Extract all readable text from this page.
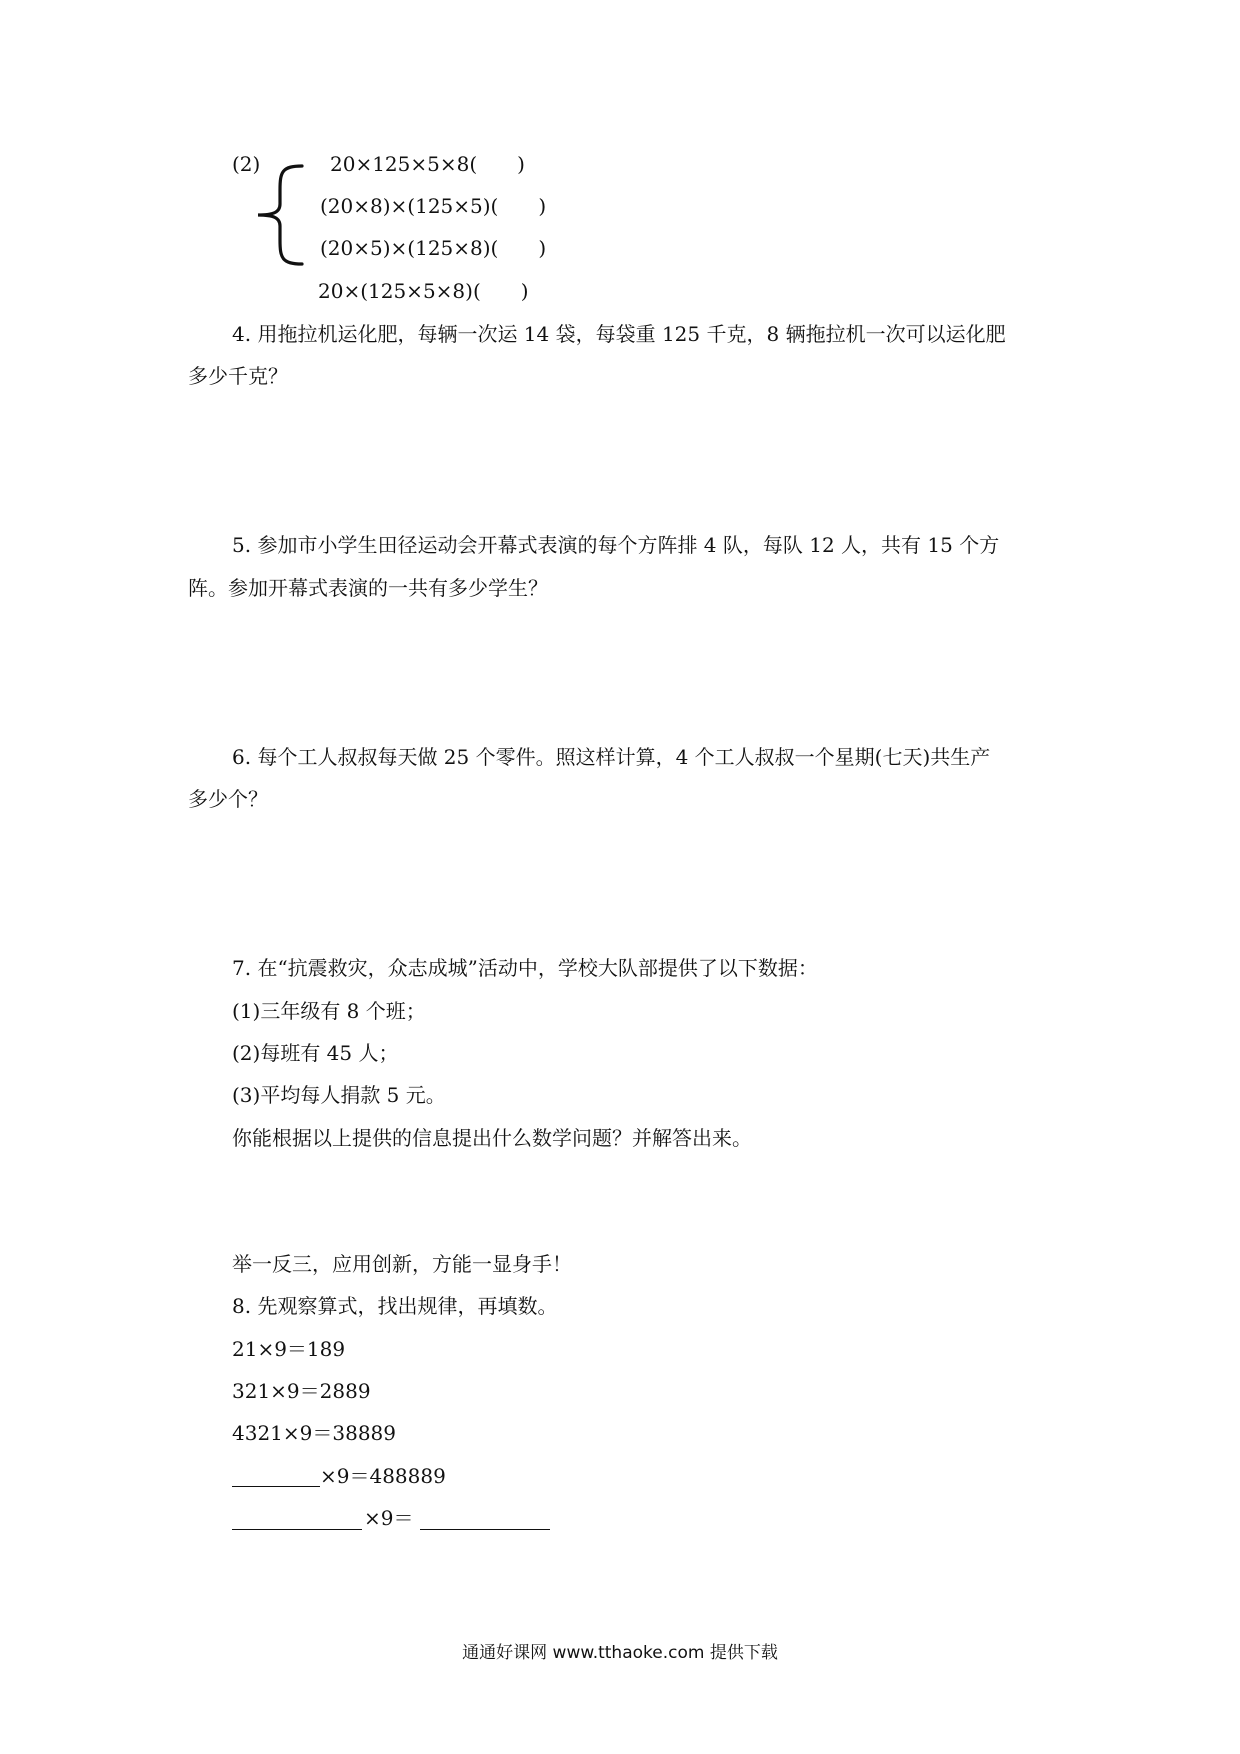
(2)	20×125×5×8(　　)
(20×8)×(125×5)(　　)
(20×5)×(125×8)(　　)
20×(125×5×8)(　　)
4. 用拖拉机运化肥，每辆一次运 14 袋，每袋重 125 千克，8 辆拖拉机一次可以运化肥
多少千克？
5. 参加市小学生田径运动会开幕式表演的每个方阵排 4 队，每队 12 人，共有 15 个方
阵。参加开幕式表演的一共有多少学生？
6. 每个工人叔叔每天做 25 个零件。照这样计算，4 个工人叔叔一个星期(七天)共生产
多少个？
7. 在“抗震救灾，众志成城”活动中，学校大队部提供了以下数据：
(1)三年级有 8 个班；
(2)每班有 45 人；
(3)平均每人捐款 5 元。
你能根据以上提供的信息提出什么数学问题？并解答出来。
举一反三，应用创新，方能一显身手！
8. 先观察算式，找出规律，再填数。
21×9＝189
321×9＝2889
4321×9＝38889
×9＝488889
×9＝
通通好课网 www.tthaoke.com 提供下载
